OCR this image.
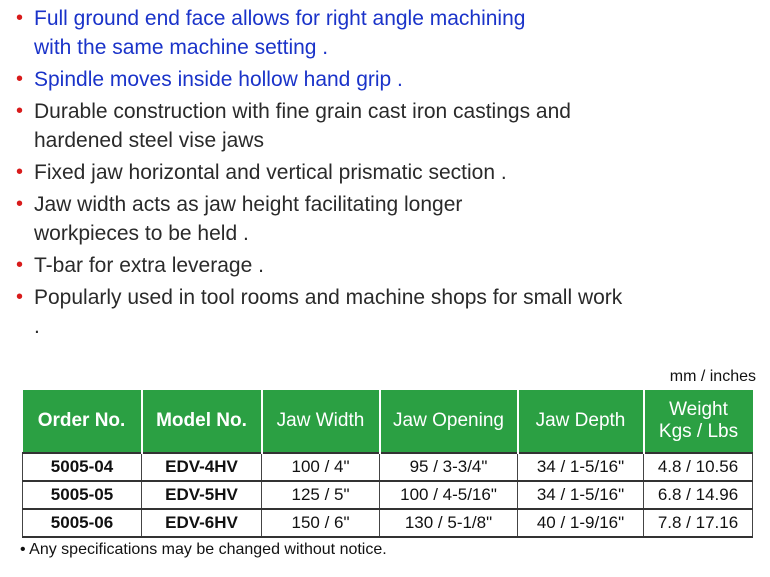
• Full ground end face allows for right angle machining with the same machine setting .
• Spindle moves inside hollow hand grip .
• Durable construction with fine grain cast iron castings and hardened steel vise jaws
• Fixed jaw horizontal and vertical prismatic section .
• Jaw width acts as jaw height facilitating longer workpieces to be held .
• T-bar for extra leverage .
• Popularly used in tool rooms and machine shops for small work .
mm / inches
Order No.	Model No.	Jaw Width	Jaw Opening	Jaw Depth	Weight
Kgs / Lbs

5005-04	EDV-4HV	100 / 4"	95 / 3-3/4"	34 / 1-5/16"	4.8 / 10.56
5005-05	EDV-5HV	125 / 5"	100 / 4-5/16"	34 / 1-5/16"	6.8 / 14.96
5005-06	EDV-6HV	150 / 6"	130 / 5-1/8"	40 / 1-9/16"	7.8 / 17.16
• Any specifications may be changed without notice.
